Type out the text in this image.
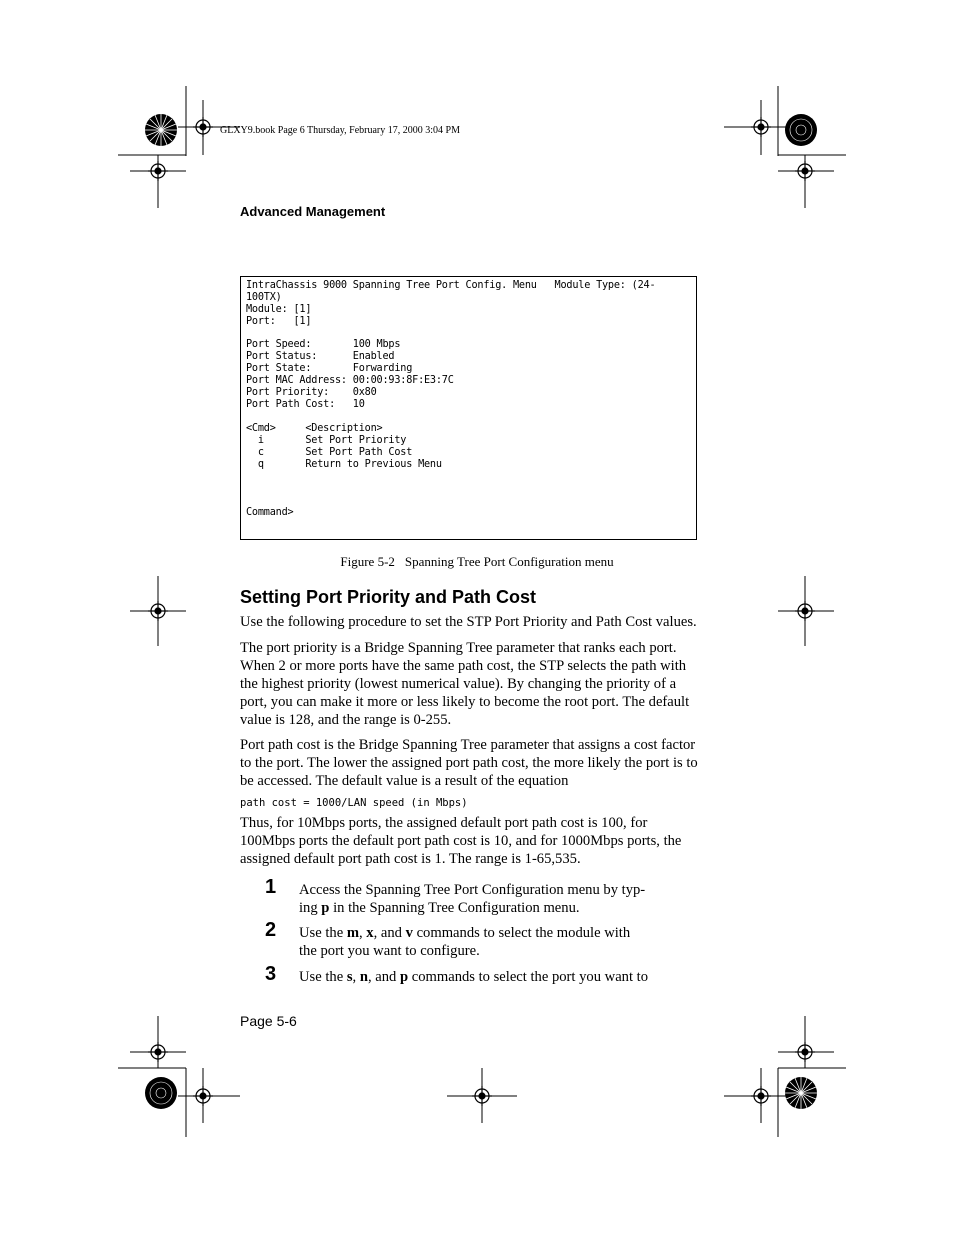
GLXY9.book Page 6 Thursday, February 17, 2000 3:04 PM
Advanced Management
IntraChassis 9000 Spanning Tree Port Config. Menu   Module Type: (24-
100TX)
Module: [1]
Port:   [1]
Port Speed:       100 Mbps
Port Status:      Enabled
Port State:       Forwarding
Port MAC Address: 00:00:93:8F:E3:7C
Port Priority:    0x80
Port Path Cost:   10
<Cmd>     <Description>
i       Set Port Priority
c       Set Port Path Cost
q       Return to Previous Menu
Command>
Figure 5-2 Spanning Tree Port Configuration menu
Setting Port Priority and Path Cost
Use the following procedure to set the STP Port Priority and Path Cost values.
The port priority is a Bridge Spanning Tree parameter that ranks each port. When 2 or more ports have the same path cost, the STP selects the path with the highest priority (lowest numerical value). By changing the priority of a port, you can make it more or less likely to become the root port. The default value is 128, and the range is 0-255.
Port path cost is the Bridge Spanning Tree parameter that assigns a cost factor to the port. The lower the assigned port path cost, the more likely the port is to be accessed. The default value is a result of the equation
path cost = 1000/LAN speed (in Mbps)
Thus, for 10Mbps ports, the assigned default port path cost is 100, for 100Mbps ports the default port path cost is 10, and for 1000Mbps ports, the assigned default port path cost is 1. The range is 1-65,535.
1 Access the Spanning Tree Port Configuration menu by typ- ing p in the Spanning Tree Configuration menu.
2 Use the m, x, and v commands to select the module with the port you want to configure.
3 Use the s, n, and p commands to select the port you want to
Page 5-6
